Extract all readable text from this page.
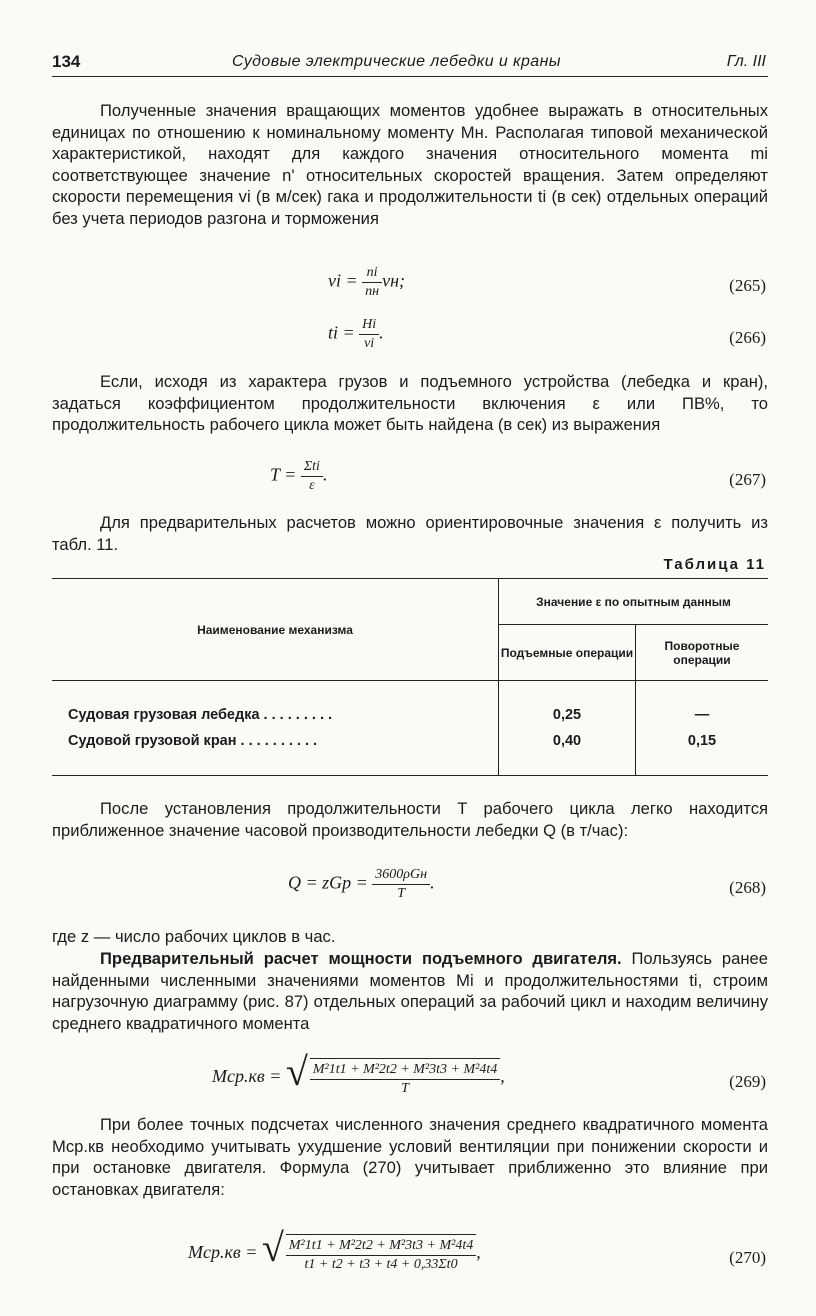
134	Судовые электрические лебедки и краны	Гл. III

Полученные значения вращающих моментов удобнее выражать в относительных единицах по отношению к номинальному моменту Mн. Располагая типовой механической характеристикой, находят для каждого значения относительного момента mi соответствующее значение n' относительных скоростей вращения. Затем определяют скорости перемещения vi (в м/сек) гака и продолжительности ti (в сек) отдельных операций без учета периодов разгона и торможения

vi = $\frac{ni}{nн}$ vн;	(265)
ti = $\frac{Hi}{vi}$ .	(266)

Если, исходя из характера грузов и подъемного устройства (лебедка и кран), задаться коэффициентом продолжительности включения ε или ПВ%, то продолжительность рабочего цикла может быть найдена (в сек) из выражения

$T = \frac{\text{Σti}}{\varepsilon}$ .	(267)

Для предварительных расчетов можно ориентировочные значения ε получить из табл. 11.

Таблица 11
Наименование механизма	Значение ε по опытным данным	
	Подъемные операции	Поворотные операции
Судовая грузовая лебедка . . . . . . . . .	0,25	—
Судовой грузовой кран . . . . . . . . . .	0,40	0,15

После установления продолжительности T рабочего цикла легко находится приближенное значение часовой производительности лебедки Q (в т/час):

Q = zGр = $\frac{\text{3600ρGн}}{T}$ .	(268)

где z — число рабочих циклов в час.

Предварительный расчет мощности подъемного двигателя. Пользуясь ранее найденными численными значениями моментов Mi и продолжительностями ti, строим нагрузочную диаграмму (рис. 87) отдельных операций за рабочий цикл и находим величину среднего квадратичного момента

Mср.кв = √ $\frac{\text{M²1t1 + M²2t2 + M²3t3 + M²4t4}}{T}$ ,	(269)

При более точных подсчетах численного значения среднего квадратичного момента Mср.кв необходимо учитывать ухудшение условий вентиляции при понижении скорости и при остановке двигателя. Формула (270) учитывает приближенно это влияние при остановках двигателя:

Mср.кв = √ $\frac{\text{M²1t1 + M²2t2 + M²3t3 + M²4t4}}{t1 + t2 + t3 + t4 + 0,33\Sigma t0}$ ,	(270)
